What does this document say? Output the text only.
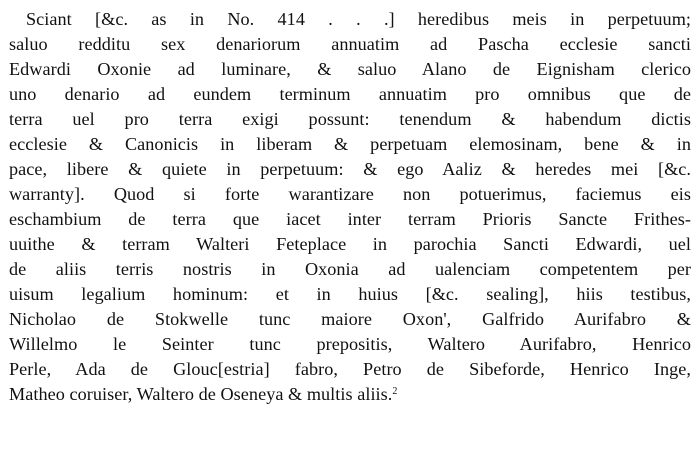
Sciant [&c. as in No. 414 . . .] heredibus meis in perpetuum;
saluo redditu sex denariorum annuatim ad Pascha ecclesie sancti
Edwardi Oxonie ad luminare, & saluo Alano de Eignisham clerico
uno denario ad eundem terminum annuatim pro omnibus que de
terra uel pro terra exigi possunt: tenendum & habendum dictis
ecclesie & Canonicis in liberam & perpetuam elemosinam, bene & in
pace, libere & quiete in perpetuum: & ego Aaliz & heredes mei [&c.
warranty]. Quod si forte warantizare non potuerimus, faciemus eis
eschambium de terra que iacet inter terram Prioris Sancte Frithes-
uuithe & terram Walteri Feteplace in parochia Sancti Edwardi, uel
de aliis terris nostris in Oxonia ad ualenciam competentem per
uisum legalium hominum: et in huius [&c. sealing], hiis testibus,
Nicholao de Stokwelle tunc maiore Oxon', Galfrido Aurifabro &
Willelmo le Seinter tunc prepositis, Waltero Aurifabro, Henrico
Perle, Ada de Glouc[estria] fabro, Petro de Sibeforde, Henrico Inge,
Matheo coruiser, Waltero de Oseneya & multis aliis.$^2$
